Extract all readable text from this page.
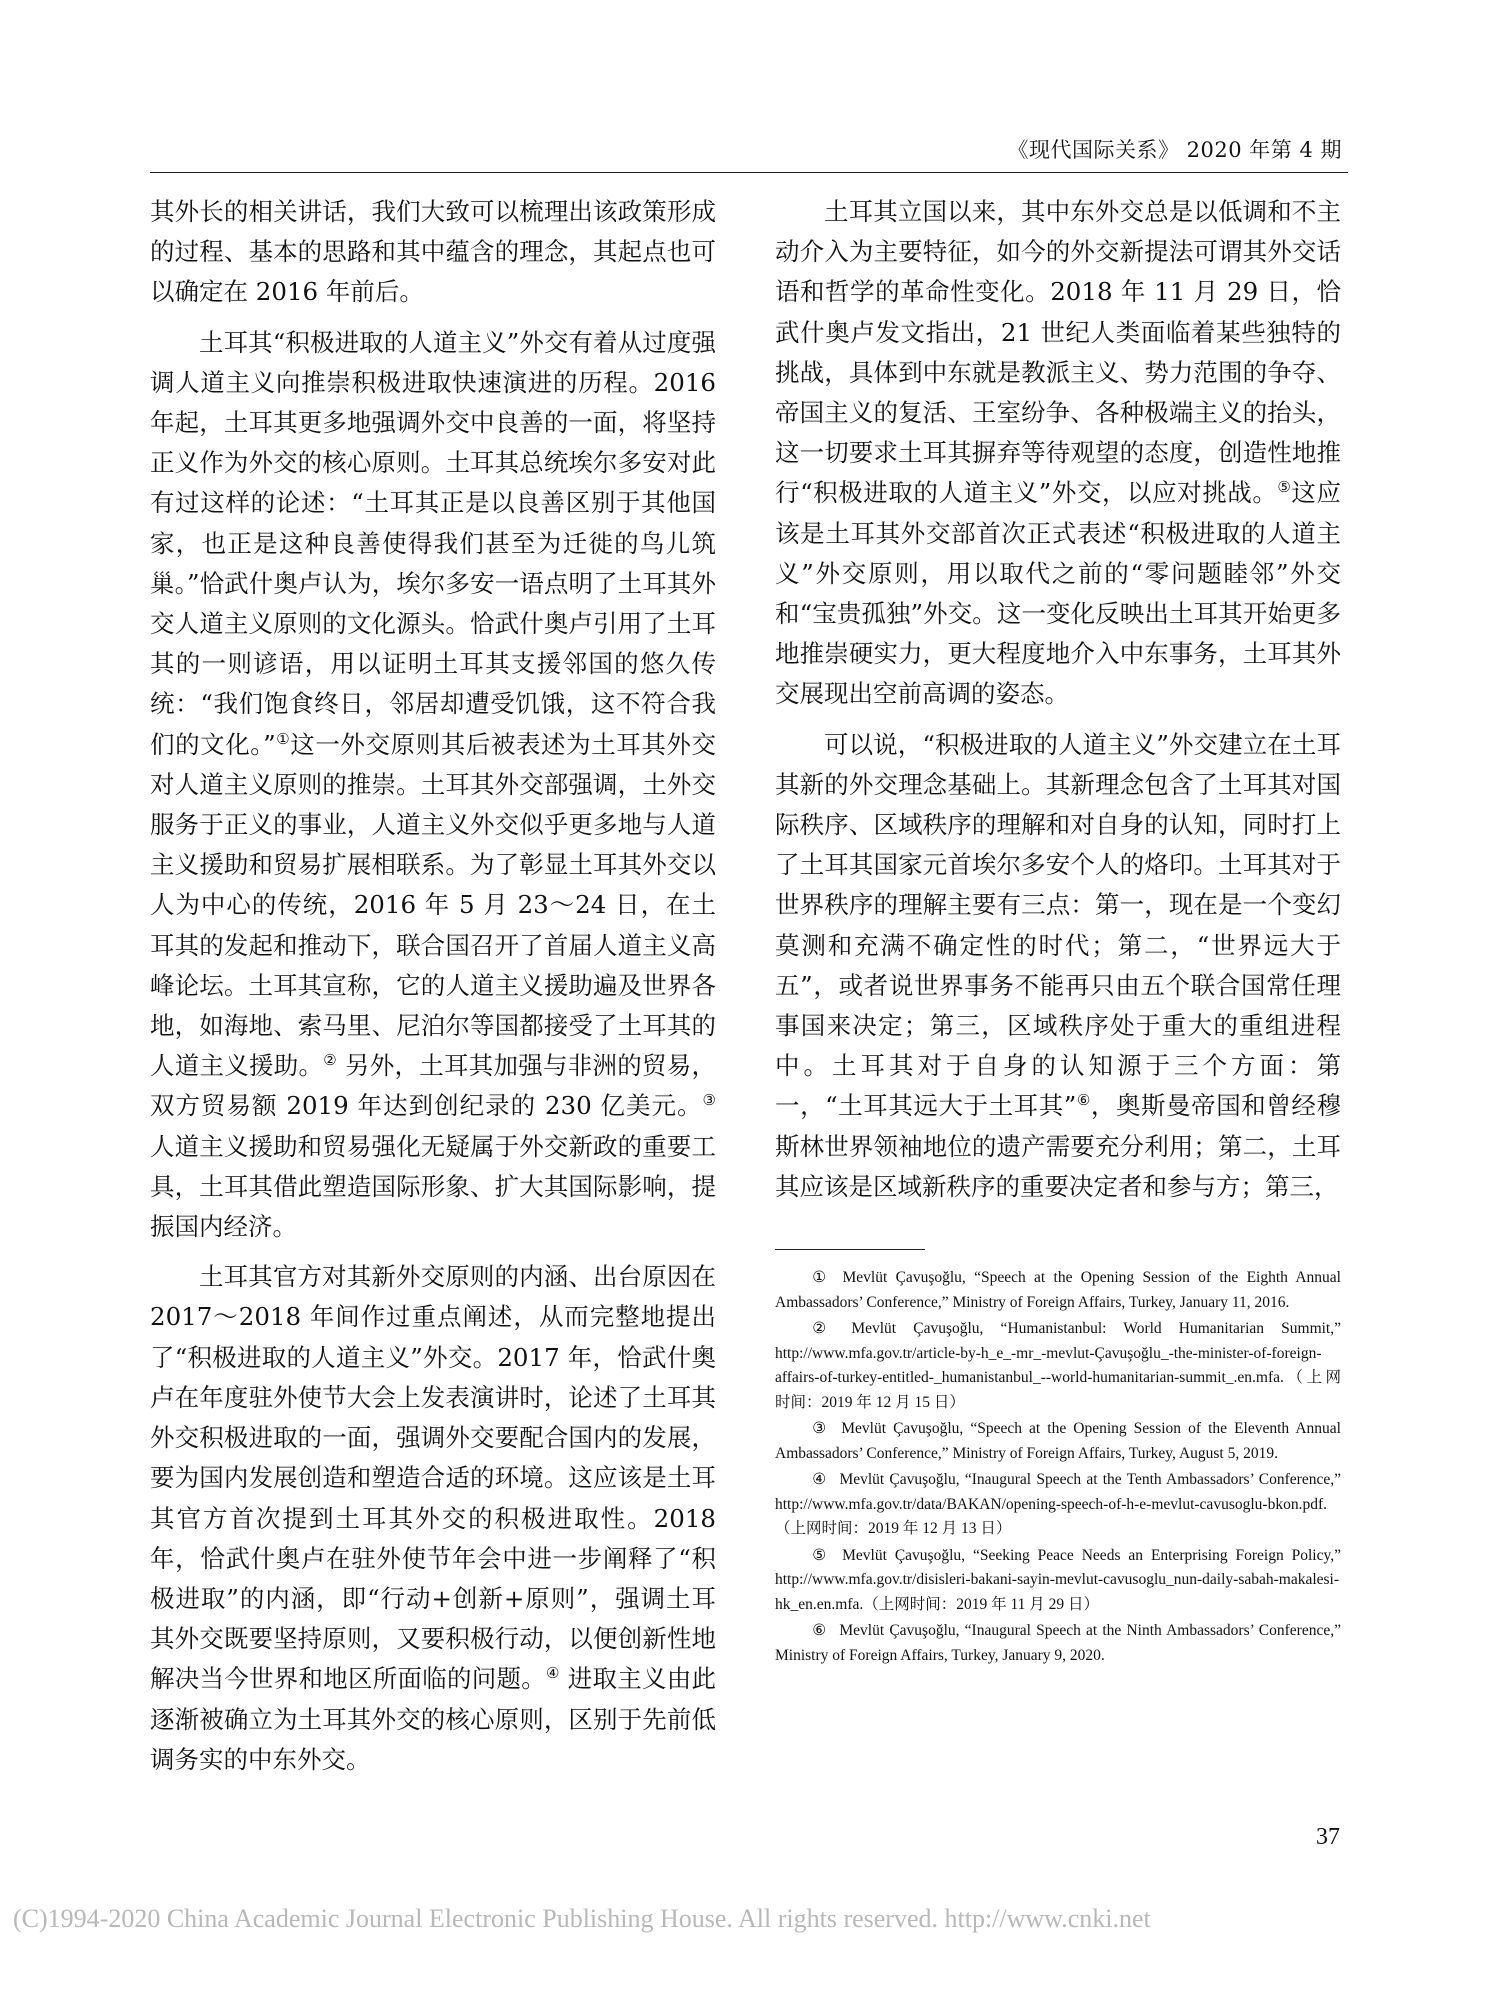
《现代国际关系》 2020 年第 4 期

其外长的相关讲话，我们大致可以梳理出该政策形成的过程、基本的思路和其中蕴含的理念，其起点也可以确定在 2016 年前后。

土耳其“积极进取的人道主义”外交有着从过度强调人道主义向推崇积极进取快速演进的历程。2016 年起，土耳其更多地强调外交中良善的一面，将坚持正义作为外交的核心原则。土耳其总统埃尔多安对此有过这样的论述：“土耳其正是以良善区别于其他国家，也正是这种良善使得我们甚至为迁徙的鸟儿筑巢。”恰武什奥卢认为，埃尔多安一语点明了土耳其外交人道主义原则的文化源头。恰武什奥卢引用了土耳其的一则谚语，用以证明土耳其支援邻国的悠久传统：“我们饱食终日，邻居却遭受饥饿，这不符合我们的文化。”①这一外交原则其后被表述为土耳其外交对人道主义原则的推崇。土耳其外交部强调，土外交服务于正义的事业，人道主义外交似乎更多地与人道主义援助和贸易扩展相联系。为了彰显土耳其外交以人为中心的传统，2016 年 5 月 23～24 日，在土耳其的发起和推动下，联合国召开了首届人道主义高峰论坛。土耳其宣称，它的人道主义援助遍及世界各地，如海地、索马里、尼泊尔等国都接受了土耳其的人道主义援助。② 另外，土耳其加强与非洲的贸易，双方贸易额 2019 年达到创纪录的 230 亿美元。③ 人道主义援助和贸易强化无疑属于外交新政的重要工具，土耳其借此塑造国际形象、扩大其国际影响，提振国内经济。

土耳其官方对其新外交原则的内涵、出台原因在 2017～2018 年间作过重点阐述，从而完整地提出了“积极进取的人道主义”外交。2017 年，恰武什奥卢在年度驻外使节大会上发表演讲时，论述了土耳其外交积极进取的一面，强调外交要配合国内的发展，要为国内发展创造和塑造合适的环境。这应该是土耳其官方首次提到土耳其外交的积极进取性。2018 年，恰武什奥卢在驻外使节年会中进一步阐释了“积极进取”的内涵，即“行动+创新+原则”，强调土耳其外交既要坚持原则，又要积极行动，以便创新性地解决当今世界和地区所面临的问题。④ 进取主义由此逐渐被确立为土耳其外交的核心原则，区别于先前低调务实的中东外交。

土耳其立国以来，其中东外交总是以低调和不主动介入为主要特征，如今的外交新提法可谓其外交话语和哲学的革命性变化。2018 年 11 月 29 日，恰武什奥卢发文指出，21 世纪人类面临着某些独特的挑战，具体到中东就是教派主义、势力范围的争夺、帝国主义的复活、王室纷争、各种极端主义的抬头，这一切要求土耳其摒弃等待观望的态度，创造性地推行“积极进取的人道主义”外交，以应对挑战。⑤这应该是土耳其外交部首次正式表述“积极进取的人道主义”外交原则，用以取代之前的“零问题睦邻”外交和“宝贵孤独”外交。这一变化反映出土耳其开始更多地推崇硬实力，更大程度地介入中东事务，土耳其外交展现出空前高调的姿态。

可以说，“积极进取的人道主义”外交建立在土耳其新的外交理念基础上。其新理念包含了土耳其对国际秩序、区域秩序的理解和对自身的认知，同时打上了土耳其国家元首埃尔多安个人的烙印。土耳其对于世界秩序的理解主要有三点：第一，现在是一个变幻莫测和充满不确定性的时代；第二，“世界远大于五”，或者说世界事务不能再只由五个联合国常任理事国来决定；第三，区域秩序处于重大的重组进程中。土耳其对于自身的认知源于三个方面：第一，“土耳其远大于土耳其”⑥，奥斯曼帝国和曾经穆斯林世界领袖地位的遗产需要充分利用；第二，土耳其应该是区域新秩序的重要决定者和参与方；第三，

① Mevlüt Çavuşoğlu, “Speech at the Opening Session of the Eighth Annual Ambassadors’ Conference,” Ministry of Foreign Affairs, Turkey, January 11, 2016.

② Mevlüt Çavuşoğlu, “Humanistanbul: World Humanitarian Summit,” http://www.mfa.gov.tr/article-by-h_e_-mr_-mevlut-Çavuşoğlu_-the-minister-of-foreign-affairs-of-turkey-entitled-_humanistanbul_--world-humanitarian-summit_.en.mfa.（上网时间：2019 年 12 月 15 日）

③ Mevlüt Çavuşoğlu, “Speech at the Opening Session of the Eleventh Annual Ambassadors’ Conference,” Ministry of Foreign Affairs, Turkey, August 5, 2019.

④ Mevlüt Çavuşoğlu, “Inaugural Speech at the Tenth Ambassadors’ Conference,” http://www.mfa.gov.tr/data/BAKAN/opening-speech-of-h-e-mevlut-cavusoglu-bkon.pdf.（上网时间：2019 年 12 月 13 日）

⑤ Mevlüt Çavuşoğlu, “Seeking Peace Needs an Enterprising Foreign Policy,” http://www.mfa.gov.tr/disisleri-bakani-sayin-mevlut-cavusoglu_nun-daily-sabah-makalesi-hk_en.en.mfa.（上网时间：2019 年 11 月 29 日）

⑥ Mevlüt Çavuşoğlu, “Inaugural Speech at the Ninth Ambassadors’ Conference,” Ministry of Foreign Affairs, Turkey, January 9, 2020.

37
(C)1994-2020 China Academic Journal Electronic Publishing House. All rights reserved. http://www.cnki.net
